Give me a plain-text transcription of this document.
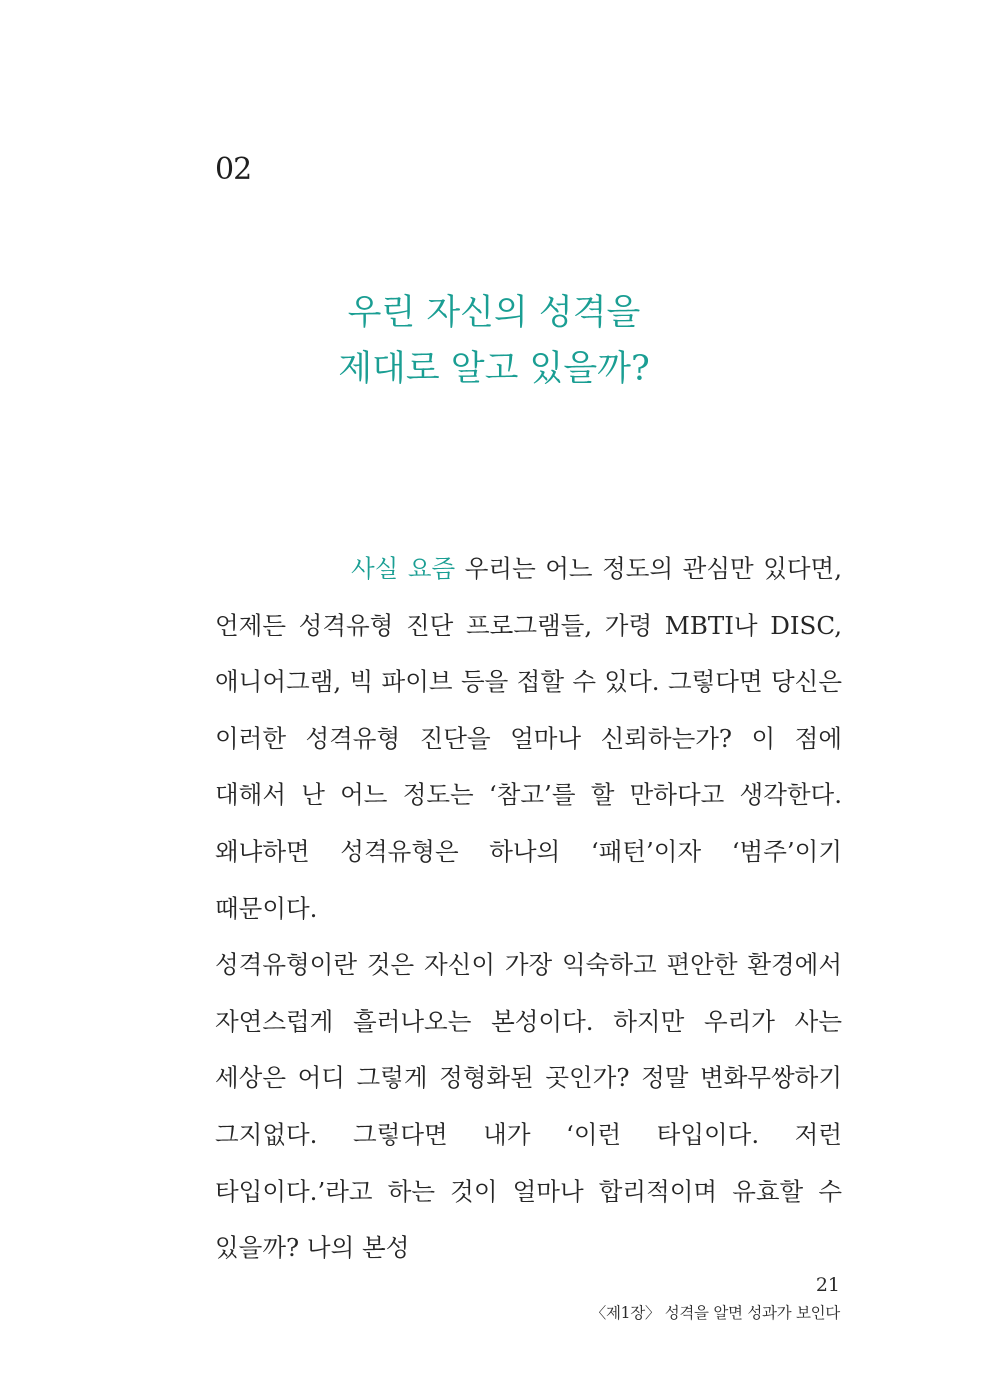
02
우린 자신의 성격을
제대로 알고 있을까?

사실 요즘 우리는 어느 정도의 관심만 있다면, 언제든 성격유형 진단 프로그램들, 가령 MBTI나 DISC, 애니어그램, 빅 파이브 등을 접할 수 있다. 그렇다면 당신은 이러한 성격유형 진단을 얼마나 신뢰하는가? 이 점에 대해서 난 어느 정도는 ‘참고’를 할 만하다고 생각한다. 왜냐하면 성격유형은 하나의 ‘패턴’이자 ‘범주’이기 때문이다.

성격유형이란 것은 자신이 가장 익숙하고 편안한 환경에서 자연스럽게 흘러나오는 본성이다. 하지만 우리가 사는 세상은 어디 그렇게 정형화된 곳인가? 정말 변화무쌍하기 그지없다. 그렇다면 내가 ‘이런 타입이다. 저런 타입이다.’라고 하는 것이 얼마나 합리적이며 유효할 수 있을까? 나의 본성

21
〈제1장〉 성격을 알면 성과가 보인다
